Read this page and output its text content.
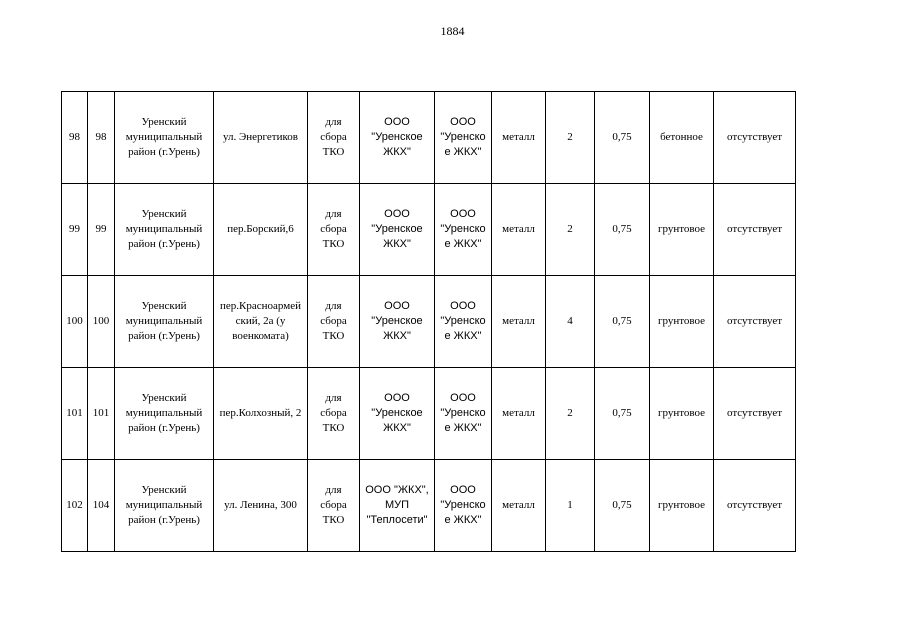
1884
98	98	Уренский
муниципальный
район (г.Урень)	ул. Энергетиков	для
сбора
ТКО	ООО
"Уренское
ЖКХ"	ООО
"Уренско
е ЖКХ"	металл	2	0,75	бетонное	отсутствует
99	99	Уренский
муниципальный
район (г.Урень)	пер.Борский,6	для
сбора
ТКО	ООО
"Уренское
ЖКХ"	ООО
"Уренско
е ЖКХ"	металл	2	0,75	грунтовое	отсутствует
100	100	Уренский
муниципальный
район (г.Урень)	пер.Красноармей
ский, 2а (у
военкомата)	для
сбора
ТКО	ООО
"Уренское
ЖКХ"	ООО
"Уренско
е ЖКХ"	металл	4	0,75	грунтовое	отсутствует
101	101	Уренский
муниципальный
район (г.Урень)	пер.Колхозный, 2	для
сбора
ТКО	ООО
"Уренское
ЖКХ"	ООО
"Уренско
е ЖКХ"	металл	2	0,75	грунтовое	отсутствует
102	104	Уренский
муниципальный
район (г.Урень)	ул. Ленина, 300	для
сбора
ТКО	ООО "ЖКХ",
МУП
"Теплосети"	ООО
"Уренско
е ЖКХ"	металл	1	0,75	грунтовое	отсутствует
